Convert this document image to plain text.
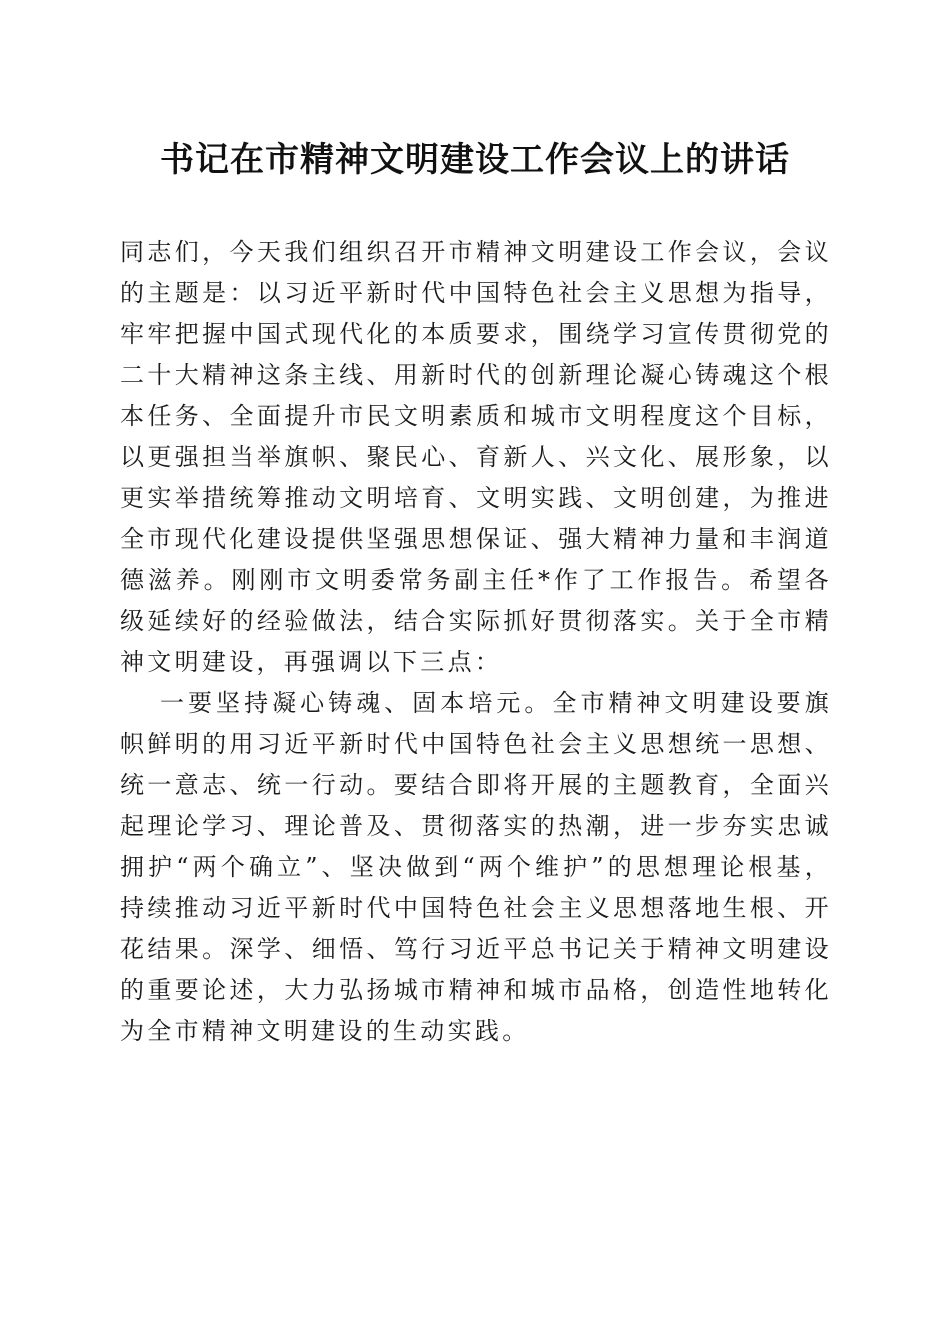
书记在市精神文明建设工作会议上的讲话

同志们，今天我们组织召开市精神文明建设工作会议，会议的主题是：以习近平新时代中国特色社会主义思想为指导，牢牢把握中国式现代化的本质要求，围绕学习宣传贯彻党的二十大精神这条主线、用新时代的创新理论凝心铸魂这个根本任务、全面提升市民文明素质和城市文明程度这个目标，以更强担当举旗帜、聚民心、育新人、兴文化、展形象，以更实举措统筹推动文明培育、文明实践、文明创建，为推进全市现代化建设提供坚强思想保证、强大精神力量和丰润道德滋养。刚刚市文明委常务副主任*作了工作报告。希望各级延续好的经验做法，结合实际抓好贯彻落实。关于全市精神文明建设，再强调以下三点：

一要坚持凝心铸魂、固本培元。全市精神文明建设要旗帜鲜明的用习近平新时代中国特色社会主义思想统一思想、统一意志、统一行动。要结合即将开展的主题教育，全面兴起理论学习、理论普及、贯彻落实的热潮，进一步夯实忠诚拥护“两个确立”、坚决做到“两个维护”的思想理论根基，持续推动习近平新时代中国特色社会主义思想落地生根、开花结果。深学、细悟、笃行习近平总书记关于精神文明建设的重要论述，大力弘扬城市精神和城市品格，创造性地转化为全市精神文明建设的生动实践。
